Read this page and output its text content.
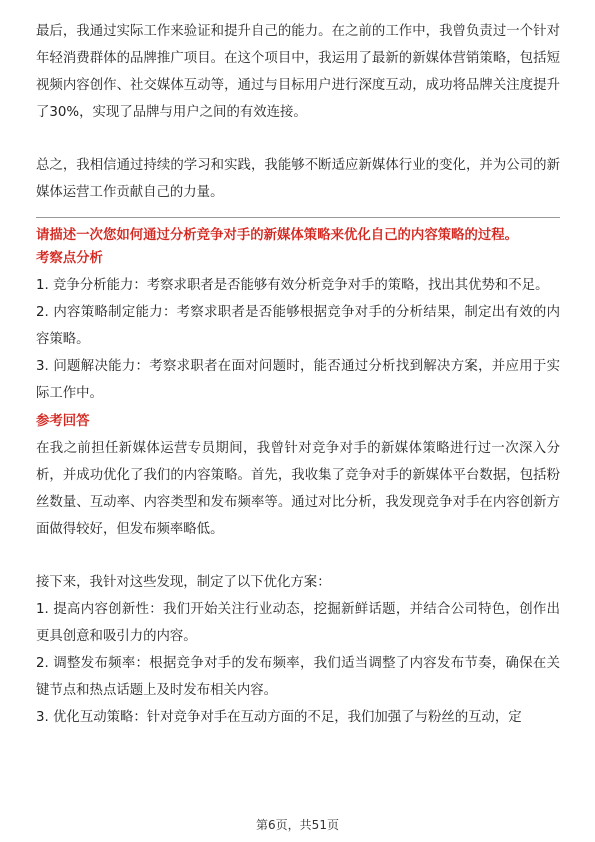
最后，我通过实际工作来验证和提升自己的能力。在之前的工作中，我曾负责过一个针对年轻消费群体的品牌推广项目。在这个项目中，我运用了最新的新媒体营销策略，包括短视频内容创作、社交媒体互动等，通过与目标用户进行深度互动，成功将品牌关注度提升了30%，实现了品牌与用户之间的有效连接。

总之，我相信通过持续的学习和实践，我能够不断适应新媒体行业的变化，并为公司的新媒体运营工作贡献自己的力量。

请描述一次您如何通过分析竞争对手的新媒体策略来优化自己的内容策略的过程。

考察点分析

1. 竞争分析能力：考察求职者是否能够有效分析竞争对手的策略，找出其优势和不足。

2. 内容策略制定能力：考察求职者是否能够根据竞争对手的分析结果，制定出有效的内容策略。

3. 问题解决能力：考察求职者在面对问题时，能否通过分析找到解决方案，并应用于实际工作中。

参考回答

在我之前担任新媒体运营专员期间，我曾针对竞争对手的新媒体策略进行过一次深入分析，并成功优化了我们的内容策略。首先，我收集了竞争对手的新媒体平台数据，包括粉丝数量、互动率、内容类型和发布频率等。通过对比分析，我发现竞争对手在内容创新方面做得较好，但发布频率略低。

接下来，我针对这些发现，制定了以下优化方案：

1. 提高内容创新性：我们开始关注行业动态，挖掘新鲜话题，并结合公司特色，创作出更具创意和吸引力的内容。

2. 调整发布频率：根据竞争对手的发布频率，我们适当调整了内容发布节奏，确保在关键节点和热点话题上及时发布相关内容。

3. 优化互动策略：针对竞争对手在互动方面的不足，我们加强了与粉丝的互动，定

第6页，共51页
